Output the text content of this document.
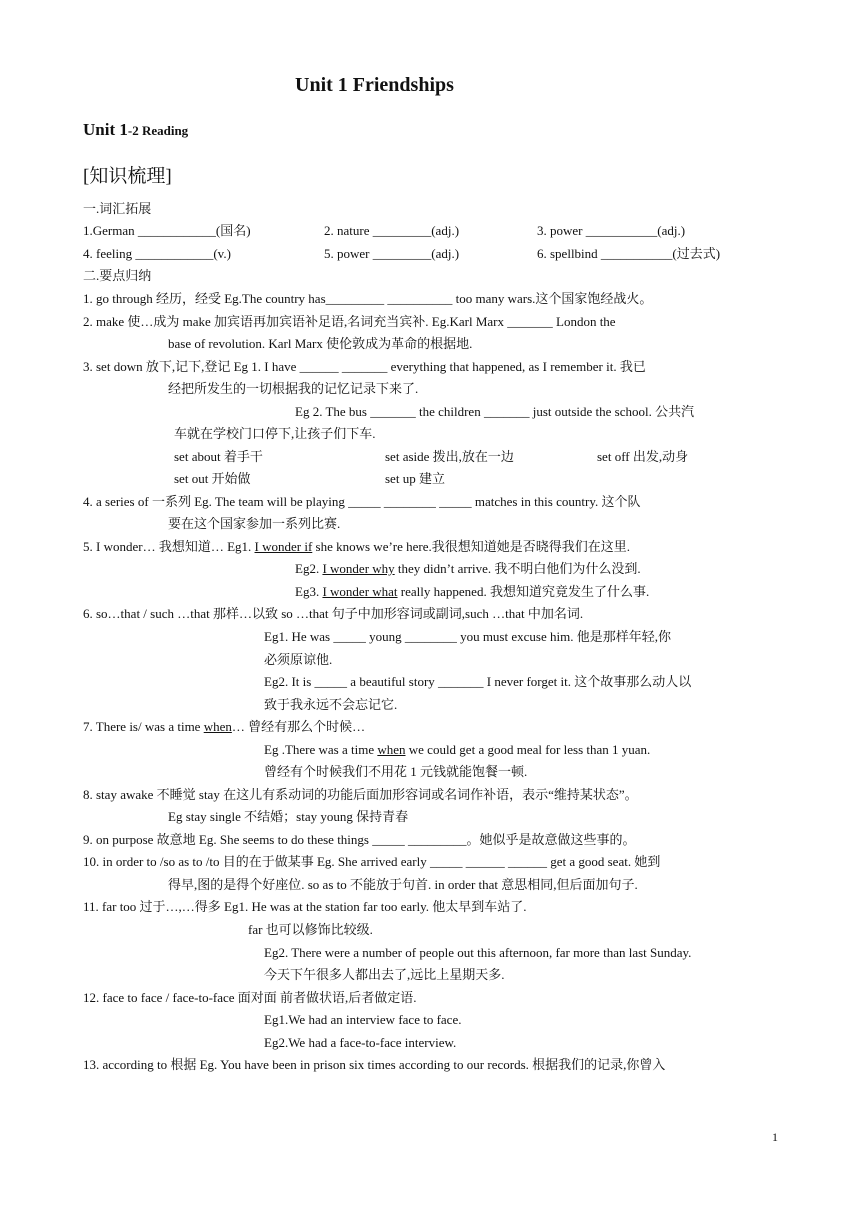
Unit 1 Friendships
Unit 1-2 Reading
[知识梳理]
一.词汇拓展
1.German ____________(国名)	2. nature _________(adj.)	3. power ___________(adj.)
4. feeling ____________(v.)	5. power _________(adj.)	6. spellbind ___________(过去式)
二.要点归纳
1. go through 经历，经受 Eg.The country has_________ __________ too many wars.这个国家饱经战火。
2. make 使…成为 make 加宾语再加宾语补足语,名词充当宾补. Eg.Karl Marx _______ London the
base of revolution. Karl Marx 使伦敦成为革命的根据地.
3. set down 放下,记下,登记 Eg 1. I have ______ _______ everything that happened, as I remember it. 我已
经把所发生的一切根据我的记忆记录下来了.
Eg 2. The bus _______ the children _______ just outside the school. 公共汽
车就在学校门口停下,让孩子们下车.
set about 着手干	set aside 拨出,放在一边	set off 出发,动身
set out 开始做	set up 建立
4. a series of 一系列 Eg. The team will be playing _____ ________ _____ matches in this country. 这个队
要在这个国家参加一系列比赛.
5. I wonder… 我想知道… Eg1. I wonder if she knows we’re here.我很想知道她是否晓得我们在这里.
Eg2. I wonder why they didn’t arrive. 我不明白他们为什么没到.
Eg3. I wonder what really happened. 我想知道究竟发生了什么事.
6. so…that / such …that 那样…以致 so …that 句子中加形容词或副词,such …that 中加名词.
Eg1. He was _____ young ________ you must excuse him. 他是那样年轻,你
必须原谅他.
Eg2. It is _____ a beautiful story _______ I never forget it. 这个故事那么动人以
致于我永远不会忘记它.
7. There is/ was a time when… 曾经有那么个时候…
Eg .There was a time when we could get a good meal for less than 1 yuan.
曾经有个时候我们不用花 1 元钱就能饱餐一顿.
8. stay awake 不睡觉 stay 在这儿有系动词的功能后面加形容词或名词作补语，表示“维持某状态”。
Eg stay single 不结婚；stay young 保持青春
9. on purpose 故意地 Eg. She seems to do these things _____ _________。她似乎是故意做这些事的。
10. in order to /so as to /to 目的在于做某事 Eg. She arrived early _____ ______ ______ get a good seat. 她到
得早,图的是得个好座位. so as to 不能放于句首. in order that 意思相同,但后面加句子.
11. far too 过于…,…得多 Eg1. He was at the station far too early. 他太早到车站了.
far 也可以修饰比较级.
Eg2. There were a number of people out this afternoon, far more than last Sunday.
今天下午很多人都出去了,远比上星期天多.
12. face to face / face-to-face 面对面 前者做状语,后者做定语.
Eg1.We had an interview face to face.
Eg2.We had a face-to-face interview.
13. according to 根据 Eg. You have been in prison six times according to our records. 根据我们的记录,你曾入
1
